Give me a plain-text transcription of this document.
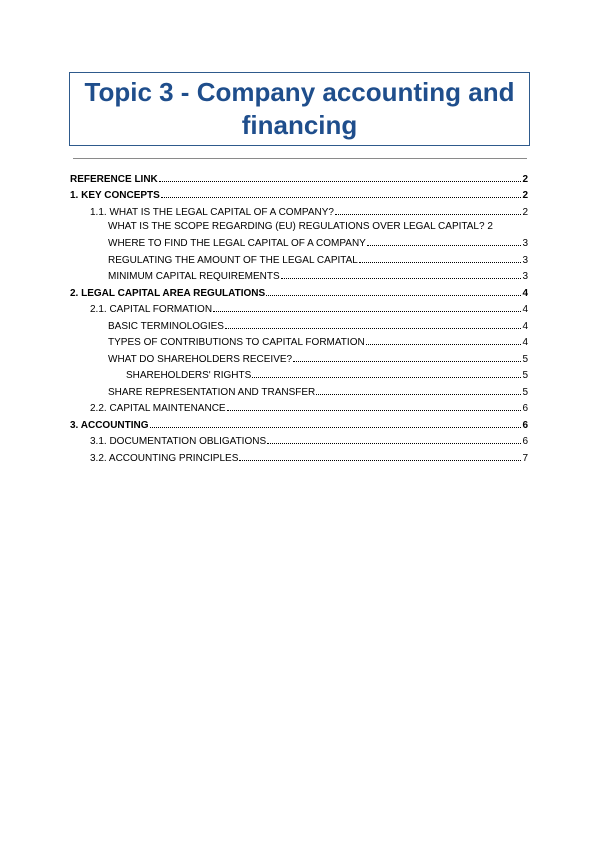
Topic 3 - Company accounting and financing
REFERENCE LINK	2
1. KEY CONCEPTS	2
1.1. WHAT IS THE LEGAL CAPITAL OF A COMPANY?	2
WHAT IS THE SCOPE REGARDING (EU) REGULATIONS OVER LEGAL CAPITAL? 2
WHERE TO FIND THE LEGAL CAPITAL OF A COMPANY	3
REGULATING THE AMOUNT OF THE LEGAL CAPITAL	3
MINIMUM CAPITAL REQUIREMENTS	3
2. LEGAL CAPITAL AREA REGULATIONS	4
2.1. CAPITAL FORMATION	4
BASIC TERMINOLOGIES	4
TYPES OF CONTRIBUTIONS TO CAPITAL FORMATION	4
WHAT DO SHAREHOLDERS RECEIVE?	5
SHAREHOLDERS' RIGHTS	5
SHARE REPRESENTATION AND TRANSFER	5
2.2. CAPITAL MAINTENANCE	6
3. ACCOUNTING	6
3.1. DOCUMENTATION OBLIGATIONS	6
3.2. ACCOUNTING PRINCIPLES	7
